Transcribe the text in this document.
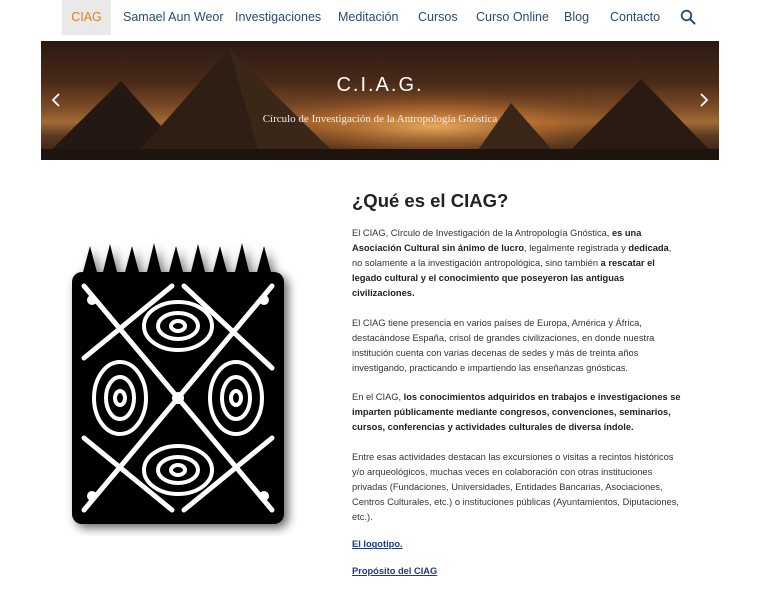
CIAG	Samael Aun Weor Investigaciones Meditación Cursos Curso Online Blog Contacto
C.I.A.G.
Círculo de Investigación de la Antropología Gnóstica
¿Qué es el CIAG?

El CIAG, Círculo de Investigación de la Antropología Gnóstica, es una Asociación Cultural sin ánimo de lucro, legalmente registrada y dedicada, no solamente a la investigación antropológica, sino también a rescatar el legado cultural y el conocimiento que poseyeron las antiguas civilizaciones.

El CIAG tiene presencia en varios países de Europa, América y África, destacándose España, crisol de grandes civilizaciones, en donde nuestra institución cuenta con varias decenas de sedes y más de treinta años investigando, practicando e impartiendo las enseñanzas gnósticas.

En el CIAG, los conocimientos adquiridos en trabajos e investigaciones se imparten públicamente mediante congresos, convenciones, seminarios, cursos, conferencias y actividades culturales de diversa índole.

Entre esas actividades destacan las excursiones o visitas a recintos históricos y/o arqueológicos, muchas veces en colaboración con otras instituciones privadas (Fundaciones, Universidades, Entidades Bancarias, Asociaciones, Centros Culturales, etc.) o instituciones públicas (Ayuntamientos, Diputaciones, etc.).

El logotipo.
Propósito del CIAG
